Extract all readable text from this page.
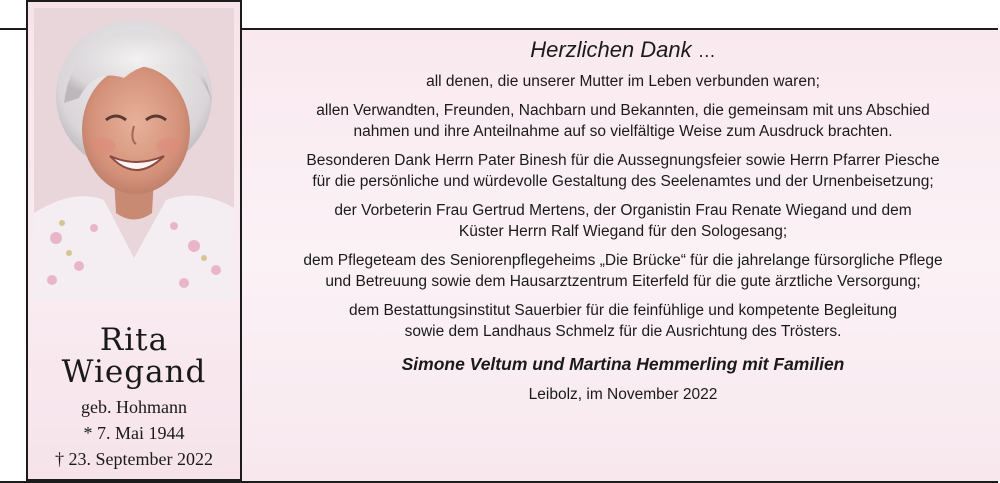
Rita

Wiegand

geb. Hohmann

* 7. Mai 1944

† 23. September 2022

Herzlichen Dank …

all denen, die unserer Mutter im Leben verbunden waren;

allen Verwandten, Freunden, Nachbarn und Bekannten, die gemeinsam mit uns Abschied
nahmen und ihre Anteilnahme auf so vielfältige Weise zum Ausdruck brachten.

Besonderen Dank Herrn Pater Binesh für die Aussegnungsfeier sowie Herrn Pfarrer Piesche
für die persönliche und würdevolle Gestaltung des Seelenamtes und der Urnenbeisetzung;

der Vorbeterin Frau Gertrud Mertens, der Organistin Frau Renate Wiegand und dem
Küster Herrn Ralf Wiegand für den Sologesang;

dem Pflegeteam des Seniorenpflegeheims „Die Brücke“ für die jahrelange fürsorgliche Pflege
und Betreuung sowie dem Hausarztzentrum Eiterfeld für die gute ärztliche Versorgung;

dem Bestattungsinstitut Sauerbier für die feinfühlige und kompetente Begleitung
sowie dem Landhaus Schmelz für die Ausrichtung des Trösters.

Simone Veltum und Martina Hemmerling mit Familien

Leibolz, im November 2022
